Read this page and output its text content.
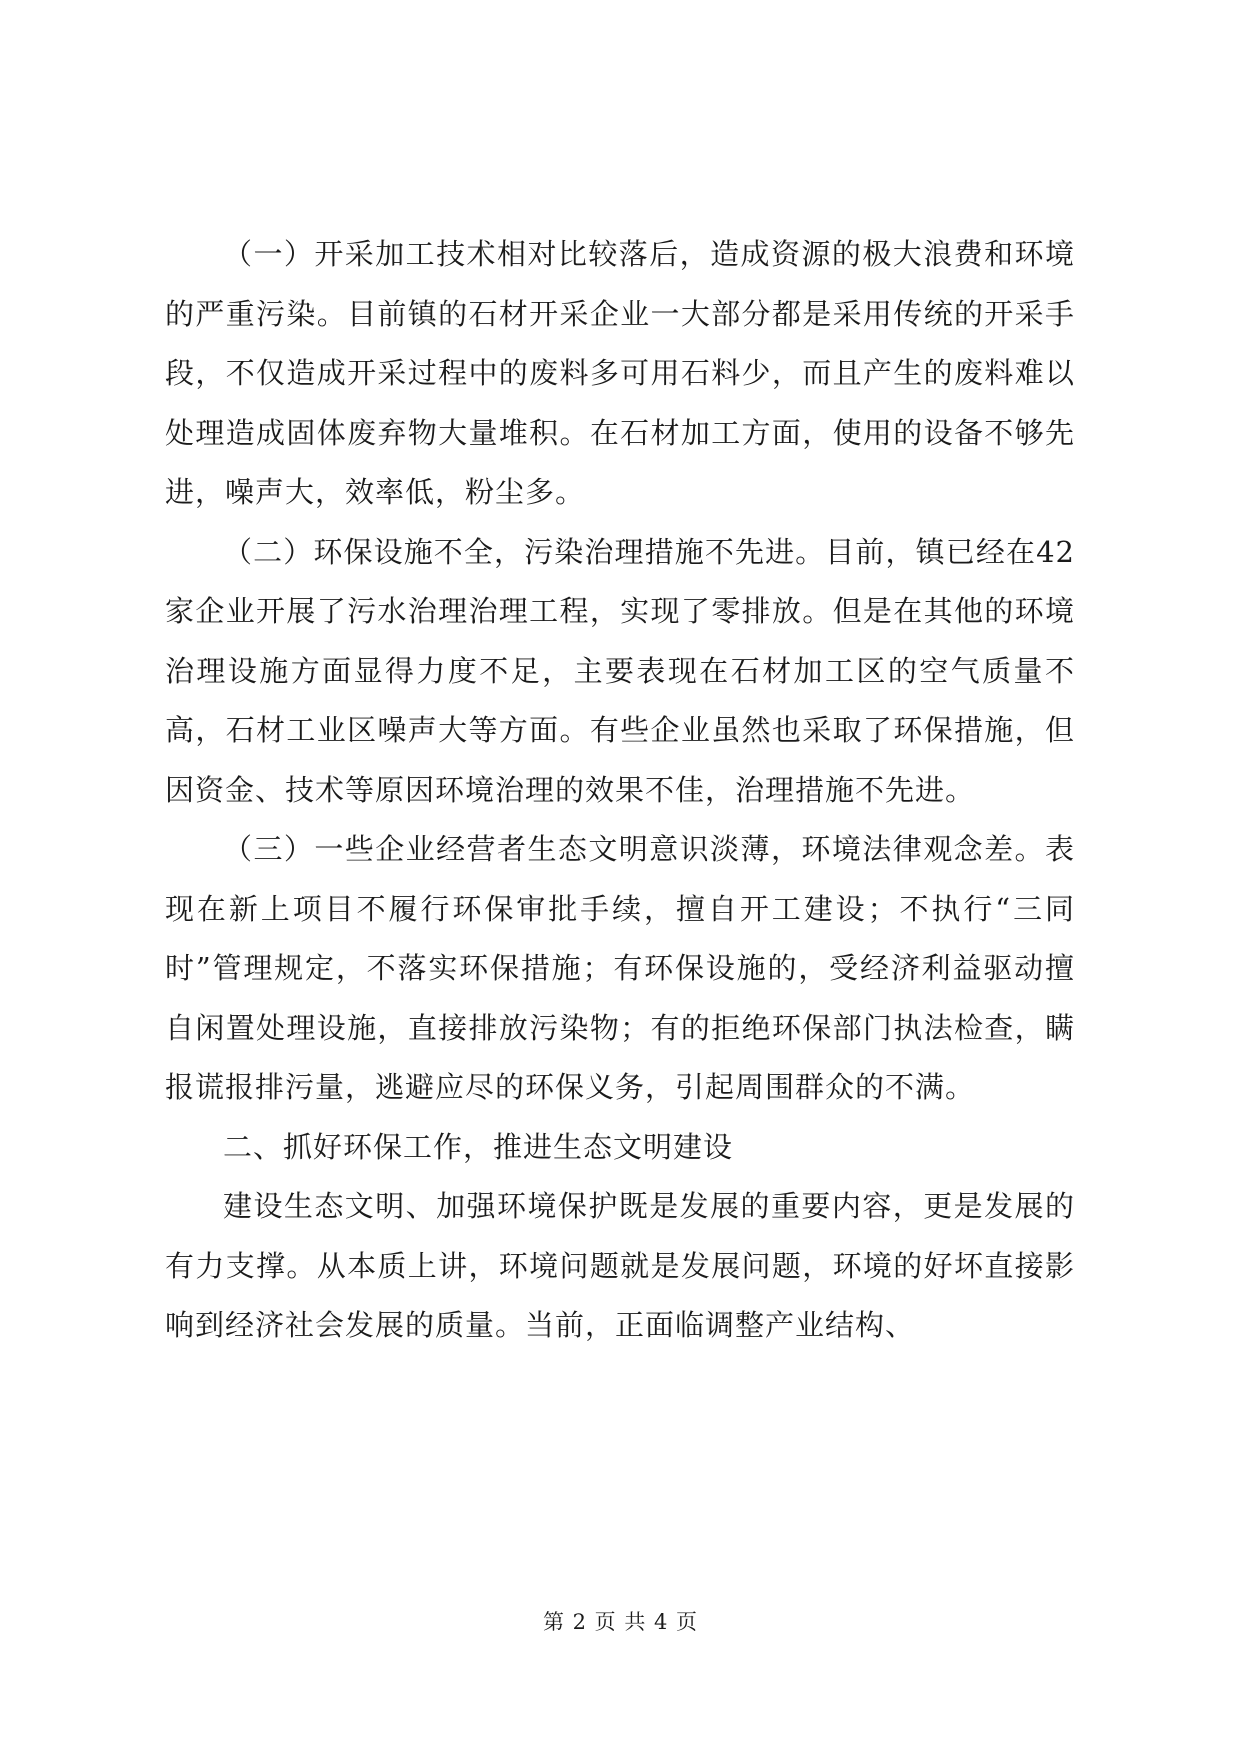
（一）开采加工技术相对比较落后，造成资源的极大浪费和环境的严重污染。目前镇的石材开采企业一大部分都是采用传统的开采手段，不仅造成开采过程中的废料多可用石料少，而且产生的废料难以处理造成固体废弃物大量堆积。在石材加工方面，使用的设备不够先进，噪声大，效率低，粉尘多。

（二）环保设施不全，污染治理措施不先进。目前，镇已经在42家企业开展了污水治理治理工程，实现了零排放。但是在其他的环境治理设施方面显得力度不足，主要表现在石材加工区的空气质量不高，石材工业区噪声大等方面。有些企业虽然也采取了环保措施，但因资金、技术等原因环境治理的效果不佳，治理措施不先进。

（三）一些企业经营者生态文明意识淡薄，环境法律观念差。表现在新上项目不履行环保审批手续，擅自开工建设；不执行“三同时”管理规定，不落实环保措施；有环保设施的，受经济利益驱动擅自闲置处理设施，直接排放污染物；有的拒绝环保部门执法检查，瞒报谎报排污量，逃避应尽的环保义务，引起周围群众的不满。

二、抓好环保工作，推进生态文明建设

建设生态文明、加强环境保护既是发展的重要内容，更是发展的有力支撑。从本质上讲，环境问题就是发展问题，环境的好坏直接影响到经济社会发展的质量。当前，正面临调整产业结构、

第 2 页 共 4 页
